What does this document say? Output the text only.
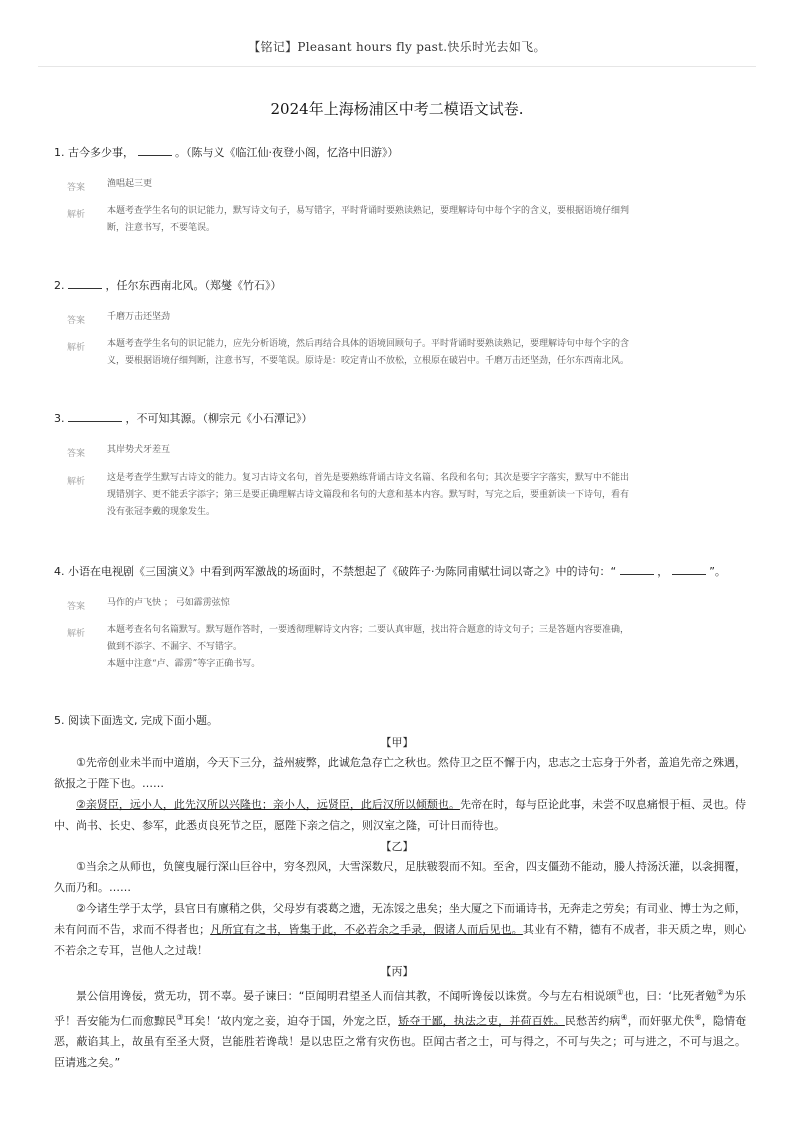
【铭记】Pleasant hours fly past.快乐时光去如飞。
2024年上海杨浦区中考二模语文试卷.
1. 古今多少事，	。（陈与义《临江仙·夜登小阁，忆洛中旧游》）
答案 渔唱起三更
解析 本题考查学生名句的识记能力，默写诗文句子，易写错字，平时背诵时要熟读熟记，要理解诗句中每个字的含义，要根据语境仔细判
断，注意书写，不要笔误。
2.	，任尔东西南北风。（郑燮《竹石》）
答案 千磨万击还坚劲
解析 本题考查学生名句的识记能力，应先分析语境，然后再结合具体的语境回顾句子。平时背诵时要熟读熟记，要理解诗句中每个字的含
义，要根据语境仔细判断，注意书写，不要笔误。原诗是：咬定青山不放松，立根原在破岩中。千磨万击还坚劲，任尔东西南北风。
3.	，不可知其源。（柳宗元《小石潭记》）
答案 其岸势犬牙差互
解析 这是考查学生默写古诗文的能力。复习古诗文名句，首先是要熟练背诵古诗文名篇、名段和名句；其次是要字字落实，默写中不能出
现错别字、更不能丢字添字；第三是要正确理解古诗文篇段和名句的大意和基本内容。默写时，写完之后，要重新读一下诗句，看有
没有张冠李戴的现象发生。
4. 小语在电视剧《三国演义》中看到两军激战的场面时，不禁想起了《破阵子·为陈同甫赋壮词以寄之》中的诗句：“	，	”。
答案 马作的卢飞快 ； 弓如霹雳弦惊
解析 本题考查名句名篇默写。默写题作答时，一要透彻理解诗文内容；二要认真审题，找出符合题意的诗文句子；三是答题内容要准确，
做到不添字、不漏字、不写错字。
本题中注意“卢、霹雳”等字正确书写。
5. 阅读下面选文, 完成下面小题。
【甲】
①先帝创业未半而中道崩，今天下三分，益州疲弊，此诚危急存亡之秋也。然侍卫之臣不懈于内，忠志之士忘身于外者，盖追先帝之殊遇，欲报之于陛下也。……
②亲贤臣，远小人，此先汉所以兴隆也；亲小人，远贤臣，此后汉所以倾颓也。先帝在时，每与臣论此事，未尝不叹息痛恨于桓、灵也。侍中、尚书、长史、参军，此悉贞良死节之臣，愿陛下亲之信之，则汉室之隆，可计日而待也。
【乙】
①当余之从师也，负箧曳屣行深山巨谷中，穷冬烈风，大雪深数尺，足肤皲裂而不知。至舍，四支僵劲不能动，媵人持汤沃灌，以衾拥覆，久而乃和。……
②今诸生学于太学，县官日有廪稍之供，父母岁有裘葛之遗，无冻馁之患矣；坐大厦之下而诵诗书，无奔走之劳矣；有司业、博士为之师，未有问而不告，求而不得者也；凡所宜有之书，皆集于此，不必若余之手录，假诸人而后见也。其业有不精，德有不成者，非天质之卑，则心不若余之专耳，岂他人之过哉！
【丙】
景公信用谗佞，赏无功，罚不辜。晏子谏曰：“臣闻明君望圣人而信其教，不闻听谗佞以诛赏。今与左右相说颂①也，曰：‘比死者勉②为乐乎！吾安能为仁而愈黥民③耳矣！’故内宠之妾，迫夺于国，外宠之臣，矫夺于鄙，执法之吏，并荷百姓。民愁苦约病④，而奸驱尤佚⑥，隐情奄恶，蔽谄其上，故虽有至圣大贤，岂能胜若谗哉！是以忠臣之常有灾伤也。臣闻古者之士，可与得之，不可与失之；可与进之，不可与退之。臣请逃之矣。”
